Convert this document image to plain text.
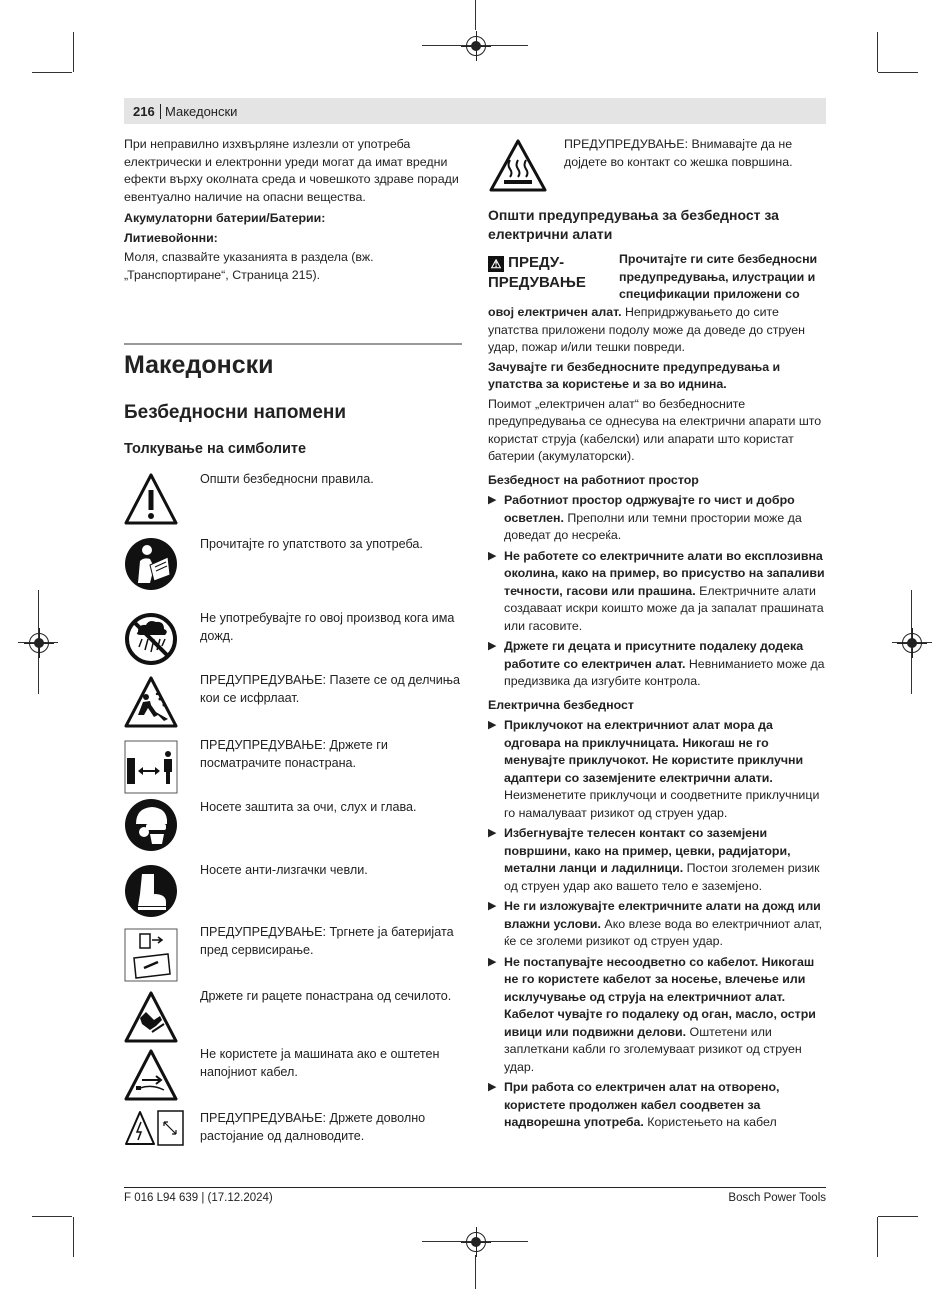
216 Македонски

При неправилно изхвърляне излезли от употреба електрически и електронни уреди могат да имат вредни ефекти върху околната среда и човешкото здраве поради евентуално наличие на опасни вещества.

Акумулаторни батерии/Батерии:

Литиевойонни:

Моля, спазвайте указанията в раздела (вж. „Транспортиране“, Страница 215).

Македонски
Безбедносни напомени
Толкување на симболите
Општи безбедносни правила.
Прочитајте го упатството за употреба.
Не употребувајте го овој производ кога има дожд.
ПРЕДУПРЕДУВАЊЕ: Пазете се од делчиња кои се исфрлаат.
ПРЕДУПРЕДУВАЊЕ: Држете ги посматрачите понастрана.
Носете заштита за очи, слух и глава.
Носете анти-лизгачки чевли.
ПРЕДУПРЕДУВАЊЕ: Тргнете ја батеријата пред сервисирање.
Држете ги рацете понастрана од сечилото.
Не користете ја машината ако е оштетен напојниот кабел.
ПРЕДУПРЕДУВАЊЕ: Држете доволно растојание од далноводите.
ПРЕДУПРЕДУВАЊЕ: Внимавајте да не дојдете во контакт со жешка површина.
Општи предупредувања за безбедност за електрични алати
⚠ ПРЕДУ-
ПРЕДУВАЊЕ
Прочитајте ги сите безбедносни
предупредувања, илустрации и
спецификации приложени со

овој електричен алат. Непридржувањето до сите упатства приложени подолу може да доведе до струен удар, пожар и/или тешки повреди.

Зачувајте ги безбедносните предупредувања и упатства за користење и за во иднина.

Поимот „електричен алат“ во безбедносните предупредувања се однесува на електрични апарати што користат струја (кабелски) или апарати што користат батерии (акумулаторски).

Безбедност на работниот простор

▶ Работниот простор одржувајте го чист и добро осветлен. Преполни или темни простории може да доведат до несреќа.
▶ Не работете со електричните алати во експлозивна околина, како на пример, во присуство на запаливи течности, гасови или прашина. Електричните алати создаваат искри коишто може да ја запалат прашината или гасовите.
▶ Држете ги децата и присутните подалеку додека работите со електричен алат. Невниманието може да предизвика да изгубите контрола.

Електрична безбедност

▶ Приклучокот на електричниот алат мора да одговара на приклучницата. Никогаш не го менувајте приклучокот. Не користите приклучни адаптери со заземјените електрични алати. Неизменетите приклучоци и соодветните приклучници го намалуваат ризикот од струен удар.
▶ Избегнувајте телесен контакт со заземјени површини, како на пример, цевки, радијатори, метални ланци и ладилници. Постои зголемен ризик од струен удар ако вашето тело е заземјено.
▶ Не ги изложувајте електричните алати на дожд или влажни услови. Ако влезе вода во електричниот алат, ќе се зголеми ризикот од струен удар.
▶ Не постапувајте несоодветно со кабелот. Никогаш не го користете кабелот за носење, влечење или исклучување од струја на електричниот алат. Кабелот чувајте го подалеку од оган, масло, остри ивици или подвижни делови. Оштетени или заплеткани кабли го зголемуваат ризикот од струен удар.
▶ При работа со електричен алат на отворено, користете продолжен кабел соодветен за надворешна употреба. Користењето на кабел
F 016 L94 639 | (17.12.2024)	Bosch Power Tools
